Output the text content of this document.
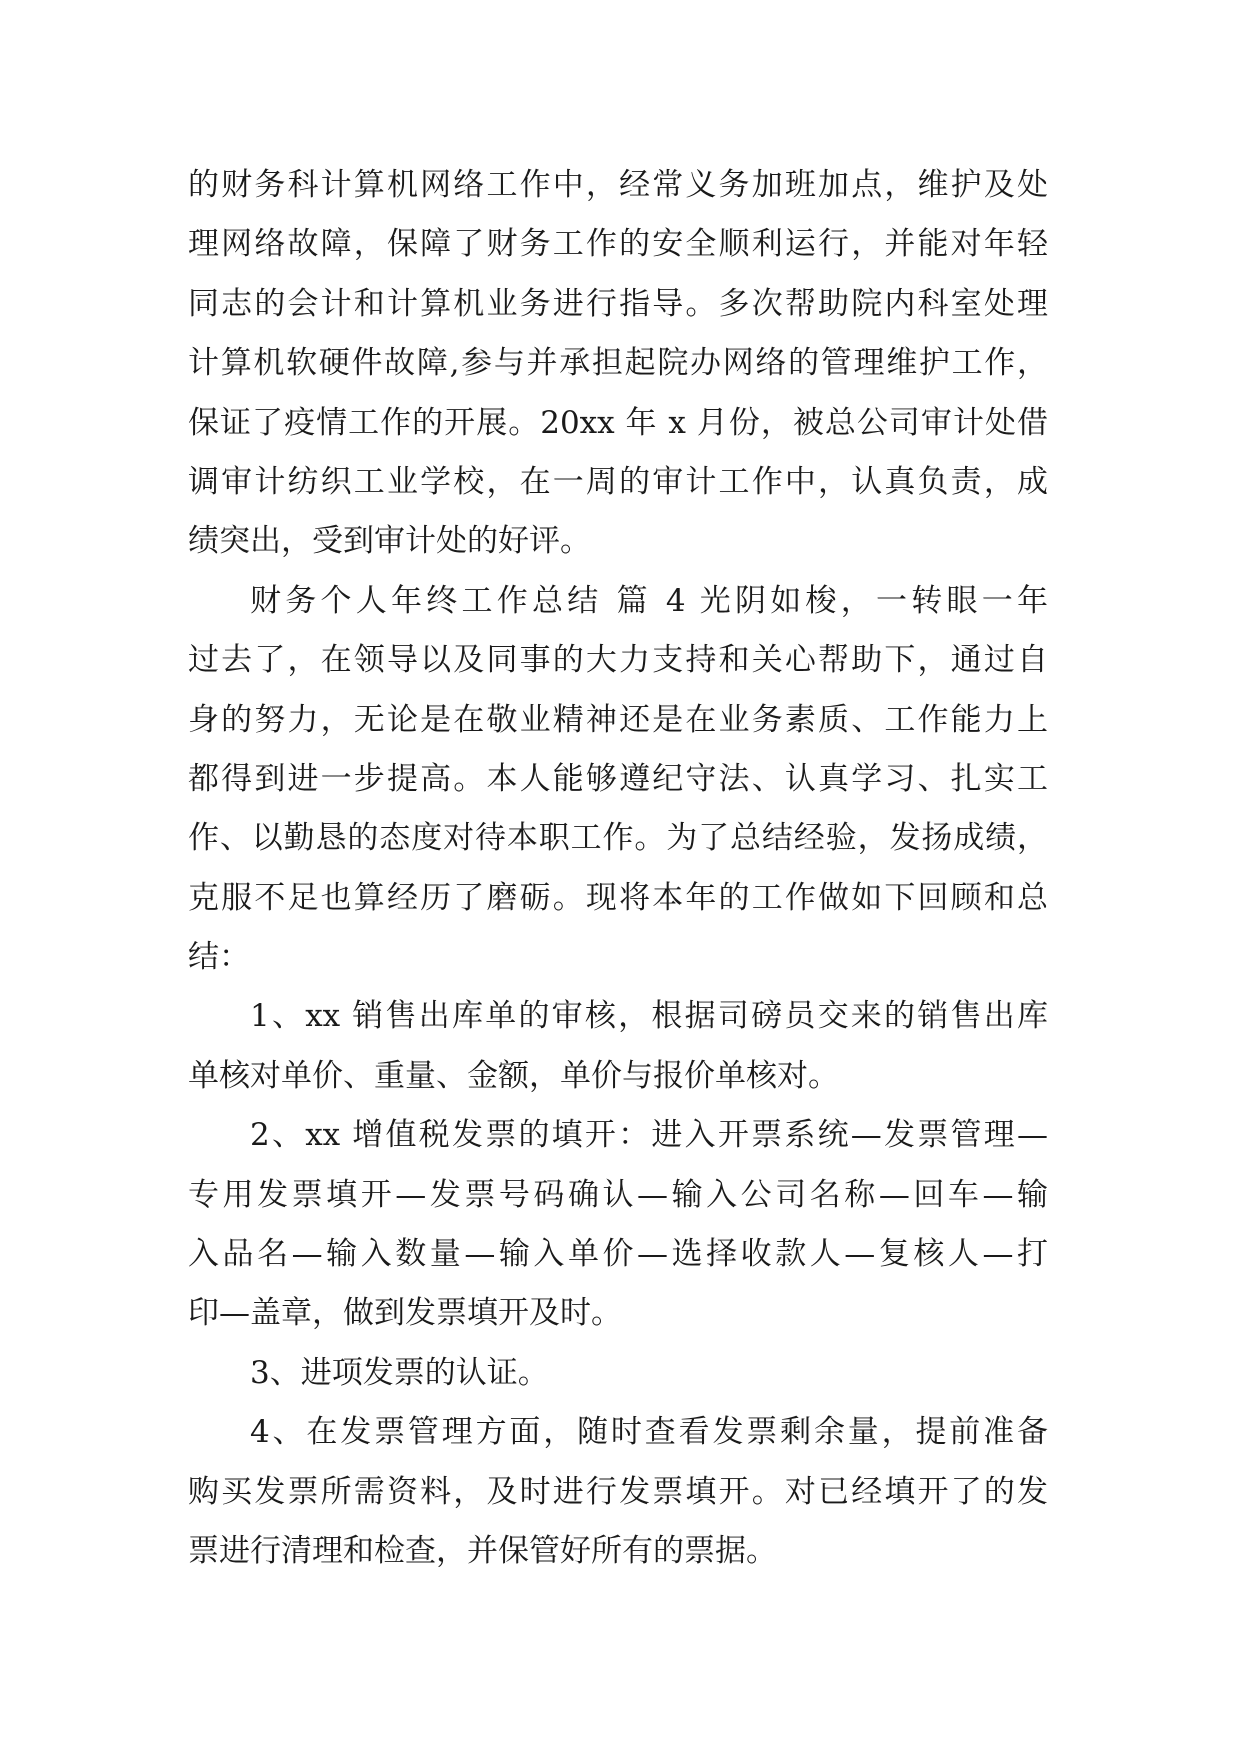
的财务科计算机网络工作中，经常义务加班加点，维护及处
理网络故障，保障了财务工作的安全顺利运行，并能对年轻
同志的会计和计算机业务进行指导。多次帮助院内科室处理
计算机软硬件故障,参与并承担起院办网络的管理维护工作，
保证了疫情工作的开展。20xx 年 x 月份，被总公司审计处借
调审计纺织工业学校，在一周的审计工作中，认真负责，成
绩突出，受到审计处的好评。
财务个人年终工作总结 篇 4 光阴如梭，一转眼一年
过去了，在领导以及同事的大力支持和关心帮助下，通过自
身的努力，无论是在敬业精神还是在业务素质、工作能力上
都得到进一步提高。本人能够遵纪守法、认真学习、扎实工
作、以勤恳的态度对待本职工作。为了总结经验，发扬成绩，
克服不足也算经历了磨砺。现将本年的工作做如下回顾和总
结：
1、xx 销售出库单的审核，根据司磅员交来的销售出库
单核对单价、重量、金额，单价与报价单核对。
2、xx 增值税发票的填开：进入开票系统—发票管理—
专用发票填开—发票号码确认—输入公司名称—回车—输
入品名—输入数量—输入单价—选择收款人—复核人—打
印—盖章，做到发票填开及时。
3、进项发票的认证。
4、在发票管理方面，随时查看发票剩余量，提前准备
购买发票所需资料，及时进行发票填开。对已经填开了的发
票进行清理和检查，并保管好所有的票据。
